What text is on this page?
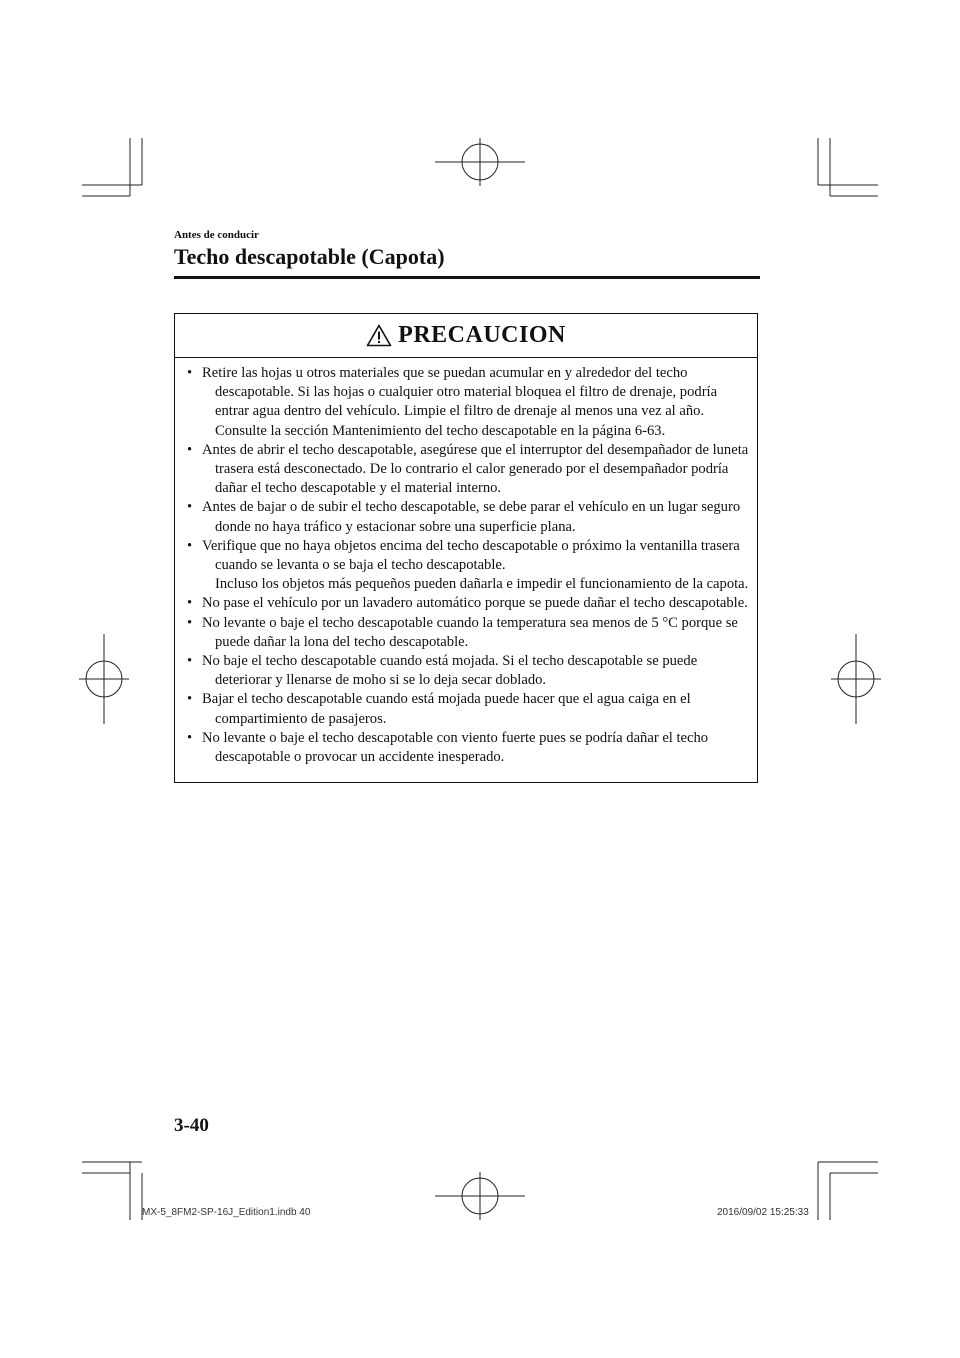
Antes de conducir
Techo descapotable (Capota)
PRECAUCION
• Retire las hojas u otros materiales que se puedan acumular en y alrededor del techo descapotable. Si las hojas o cualquier otro material bloquea el filtro de drenaje, podría entrar agua dentro del vehículo. Limpie el filtro de drenaje al menos una vez al año. Consulte la sección Mantenimiento del techo descapotable en la página 6-63.

• Antes de abrir el techo descapotable, asegúrese que el interruptor del desempañador de luneta trasera está desconectado. De lo contrario el calor generado por el desempañador podría dañar el techo descapotable y el material interno.

• Antes de bajar o de subir el techo descapotable, se debe parar el vehículo en un lugar seguro donde no haya tráfico y estacionar sobre una superficie plana.

• Verifique que no haya objetos encima del techo descapotable o próximo la ventanilla trasera cuando se levanta o se baja el techo descapotable.

Incluso los objetos más pequeños pueden dañarla e impedir el funcionamiento de la capota.

• No pase el vehículo por un lavadero automático porque se puede dañar el techo descapotable.

• No levante o baje el techo descapotable cuando la temperatura sea menos de 5 °C porque se puede dañar la lona del techo descapotable.

• No baje el techo descapotable cuando está mojada. Si el techo descapotable se puede deteriorar y llenarse de moho si se lo deja secar doblado.

• Bajar el techo descapotable cuando está mojada puede hacer que el agua caiga en el compartimiento de pasajeros.

• No levante o baje el techo descapotable con viento fuerte pues se podría dañar el techo descapotable o provocar un accidente inesperado.

3-40
MX-5_8FM2-SP-16J_Edition1.indb 40	2016/09/02 15:25:33
